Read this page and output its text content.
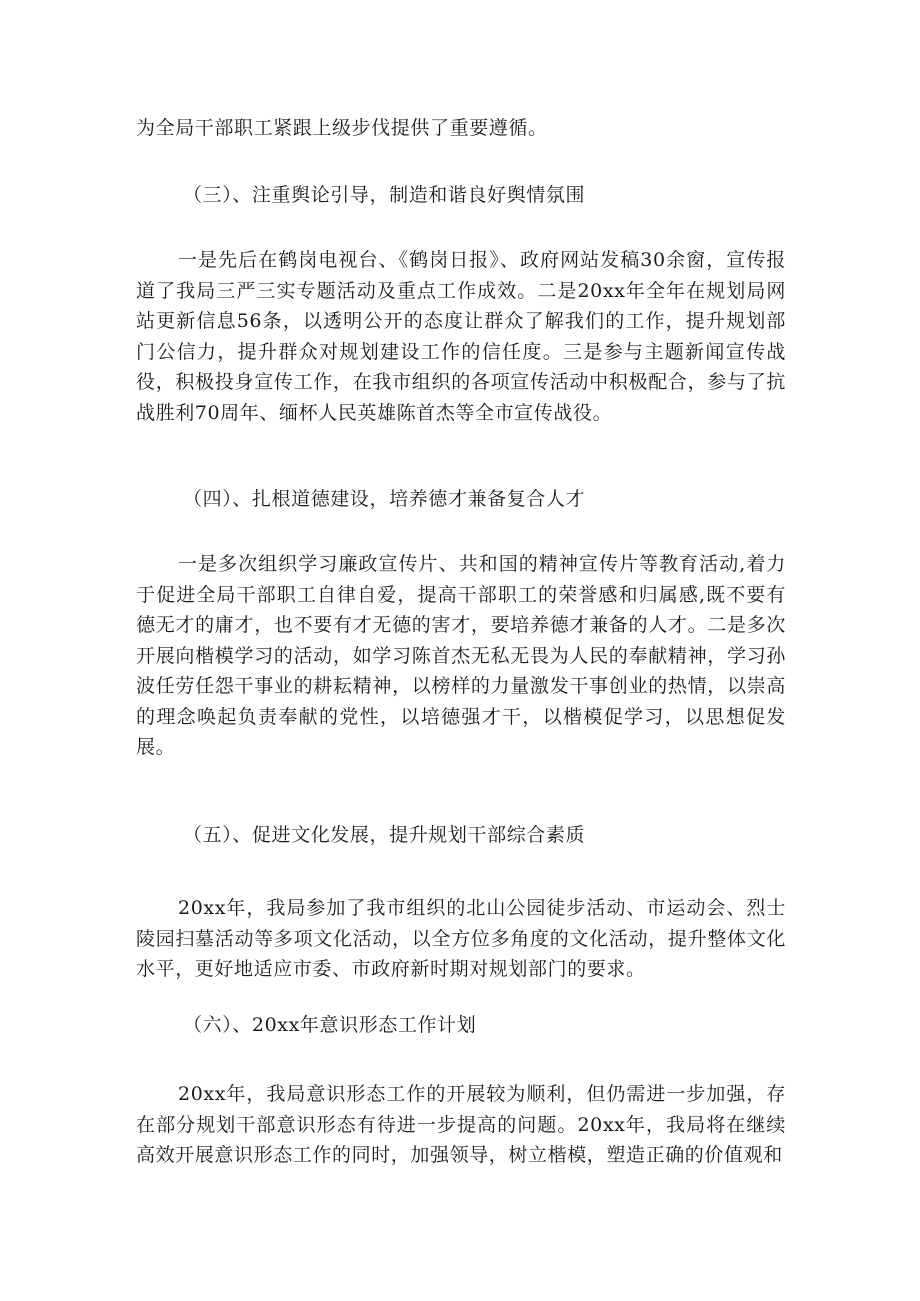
为全局干部职工紧跟上级步伐提供了重要遵循。
（三）、注重舆论引导，制造和谐良好舆情氛围
一是先后在鹤岗电视台、《鹤岗日报》、政府网站发稿30余窗，宣传报道了我局三严三实专题活动及重点工作成效。二是20xx年全年在规划局网站更新信息56条，以透明公开的态度让群众了解我们的工作，提升规划部门公信力，提升群众对规划建设工作的信任度。三是参与主题新闻宣传战役，积极投身宣传工作，在我市组织的各项宣传活动中积极配合，参与了抗战胜利70周年、缅杯人民英雄陈首杰等全市宣传战役。
（四）、扎根道德建设，培养德才兼备复合人才
一是多次组织学习廉政宣传片、共和国的精神宣传片等教育活动,着力于促进全局干部职工自律自爱，提高干部职工的荣誉感和归属感,既不要有德无才的庸才，也不要有才无德的害才，要培养德才兼备的人才。二是多次开展向楷模学习的活动，如学习陈首杰无私无畏为人民的奉献精神，学习孙波任劳任怨干事业的耕耘精神，以榜样的力量激发干事创业的热情，以崇高的理念唤起负责奉献的党性，以培德强才干，以楷模促学习，以思想促发展。
（五）、促进文化发展，提升规划干部综合素质
20xx年，我局参加了我市组织的北山公园徒步活动、市运动会、烈士陵园扫墓活动等多项文化活动，以全方位多角度的文化活动，提升整体文化水平，更好地适应市委、市政府新时期对规划部门的要求。
（六）、20xx年意识形态工作计划
20xx年，我局意识形态工作的开展较为顺利，但仍需进一步加强，存在部分规划干部意识形态有待进一步提高的问题。20xx年，我局将在继续高效开展意识形态工作的同时，加强领导，树立楷模，塑造正确的价值观和
